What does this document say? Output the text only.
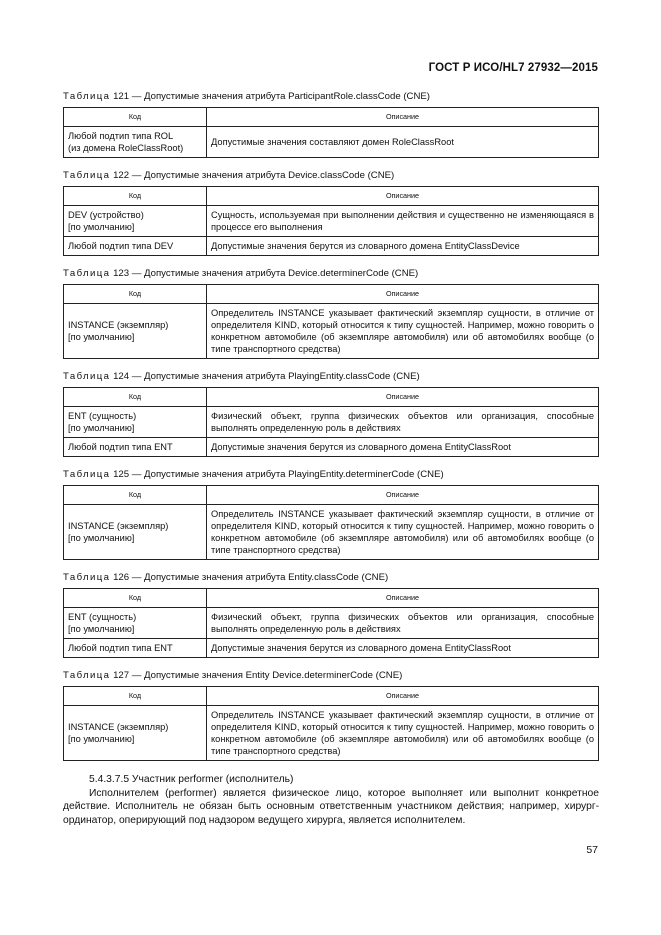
ГОСТ Р ИСО/HL7 27932—2015
Таблица 121 — Допустимые значения атрибута ParticipantRole.classCode (CNE)
Код	Описание
Любой подтип типа ROL
(из домена RoleClassRoot)	Допустимые значения составляют домен RoleClassRoot
Таблица 122 — Допустимые значения атрибута Device.classCode (CNE)
Код	Описание
DEV (устройство)
[по умолчанию]	Сущность, используемая при выполнении действия и существенно не изменяющаяся в процессе его выполнения
Любой подтип типа DEV	Допустимые значения берутся из словарного домена EntityClassDevice
Таблица 123 — Допустимые значения атрибута Device.determinerCode (CNE)
Код	Описание
INSTANCE (экземпляр)
[по умолчанию]	Определитель INSTANCE указывает фактический экземпляр сущности, в отличие от определителя KIND, который относится к типу сущностей. Например, можно говорить о конкретном автомобиле (об экземпляре автомобиля) или об автомобилях вообще (о типе транспортного средства)
Таблица 124 — Допустимые значения атрибута PlayingEntity.classCode (CNE)
Код	Описание
ENT (сущность)
[по умолчанию]	Физический объект, группа физических объектов или организация, способные выполнять определенную роль в действиях
Любой подтип типа ENT	Допустимые значения берутся из словарного домена EntityClassRoot
Таблица 125 — Допустимые значения атрибута PlayingEntity.determinerCode (CNE)
Код	Описание
INSTANCE (экземпляр)
[по умолчанию]	Определитель INSTANCE указывает фактический экземпляр сущности, в отличие от определителя KIND, который относится к типу сущностей. Например, можно говорить о конкретном автомобиле (об экземпляре автомобиля) или об автомобилях вообще (о типе транспортного средства)
Таблица 126 — Допустимые значения атрибута Entity.classCode (CNE)
Код	Описание
ENT (сущность)
[по умолчанию]	Физический объект, группа физических объектов или организация, способные выполнять определенную роль в действиях
Любой подтип типа ENT	Допустимые значения берутся из словарного домена EntityClassRoot
Таблица 127 — Допустимые значения Entity Device.determinerCode (CNE)
Код	Описание
INSTANCE (экземпляр)
[по умолчанию]	Определитель INSTANCE указывает фактический экземпляр сущности, в отличие от определителя KIND, который относится к типу сущностей. Например, можно говорить о конкретном автомобиле (об экземпляре автомобиля) или об автомобилях вообще (о типе транспортного средства)

5.4.3.7.5 Участник performer (исполнитель)

Исполнителем (performer) является физическое лицо, которое выполняет или выполнит конкретное действие. Исполнитель не обязан быть основным ответственным участником действия; например, хирург-ординатор, оперирующий под надзором ведущего хирурга, является исполнителем.

57
